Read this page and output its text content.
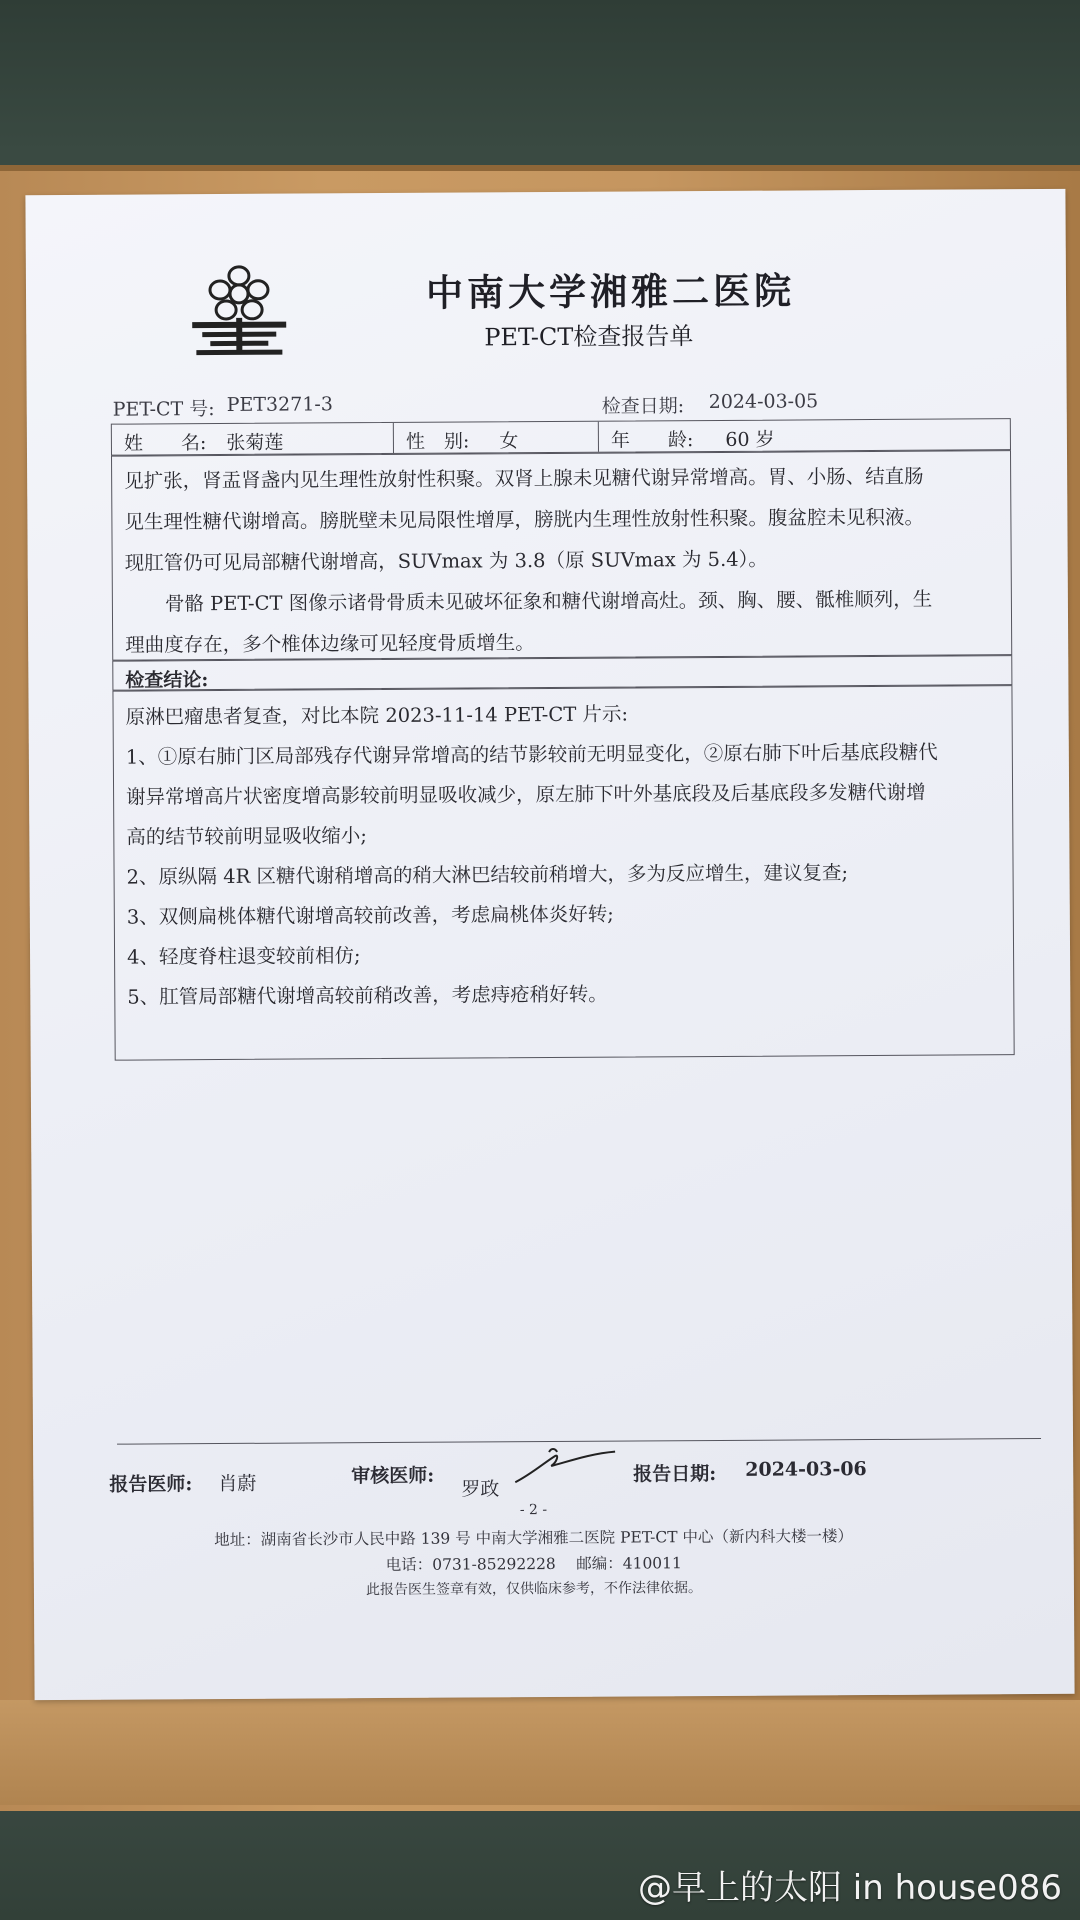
中南大学湘雅二医院
PET-CT检查报告单
PET-CT 号: PET3271-3	检查日期: 2024-03-05
姓　　名: 张菊莲	性　别: 女	年　　龄: 60 岁

见扩张，肾盂肾盏内见生理性放射性积聚。双肾上腺未见糖代谢异常增高。胃、小肠、结直肠

见生理性糖代谢增高。膀胱壁未见局限性增厚，膀胱内生理性放射性积聚。腹盆腔未见积液。

现肛管仍可见局部糖代谢增高，SUVmax 为 3.8（原 SUVmax 为 5.4）。

骨骼 PET-CT 图像示诸骨骨质未见破坏征象和糖代谢增高灶。颈、胸、腰、骶椎顺列，生

理曲度存在，多个椎体边缘可见轻度骨质增生。

检查结论:

原淋巴瘤患者复查，对比本院 2023-11-14 PET-CT 片示:

1、①原右肺门区局部残存代谢异常增高的结节影较前无明显变化，②原右肺下叶后基底段糖代

谢异常增高片状密度增高影较前明显吸收减少，原左肺下叶外基底段及后基底段多发糖代谢增

高的结节较前明显吸收缩小;

2、原纵隔 4R 区糖代谢稍增高的稍大淋巴结较前稍增大，多为反应增生，建议复查;

3、双侧扁桃体糖代谢增高较前改善，考虑扁桃体炎好转;

4、轻度脊柱退变较前相仿;

5、肛管局部糖代谢增高较前稍改善，考虑痔疮稍好转。

报告医师: 肖蔚	审核医师:
罗政
报告日期: 2024-03-06
- 2 -
地址：湖南省长沙市人民中路 139 号 中南大学湘雅二医院 PET-CT 中心（新内科大楼一楼）
电话：0731-85292228　 邮编：410011
此报告医生签章有效，仅供临床参考，不作法律依据。
@早上的太阳 in house086
